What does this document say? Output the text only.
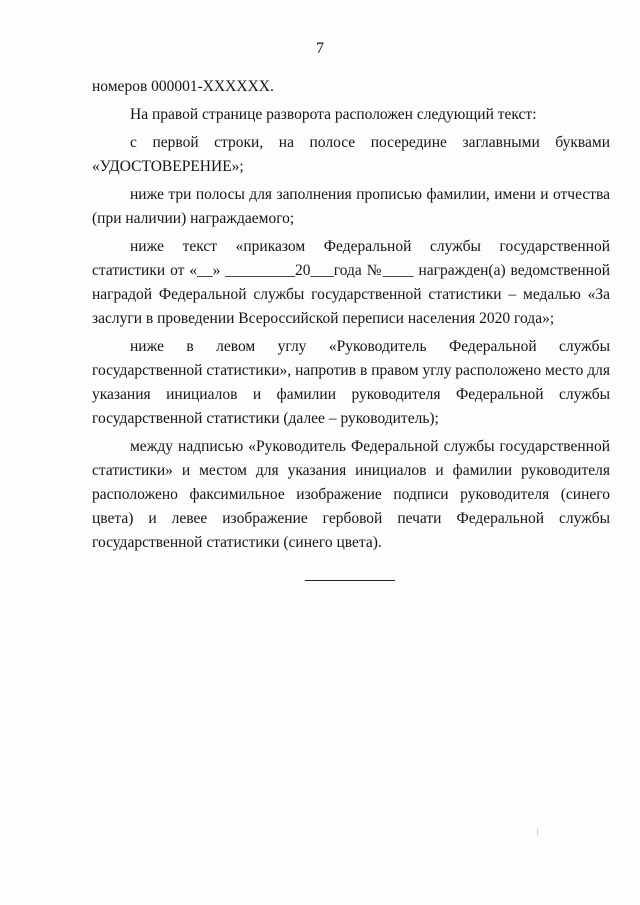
7

номеров 000001-XXXXXX.

На правой странице разворота расположен следующий текст:

с первой строки, на полосе посередине заглавными буквами «УДОСТОВЕРЕНИЕ»;

ниже три полосы для заполнения прописью фамилии, имени и отчества (при наличии) награждаемого;

ниже текст «приказом Федеральной службы государственной статистики от «__» _________20___года №____ награжден(а) ведомственной наградой Федеральной службы государственной статистики – медалью «За заслуги в проведении Всероссийской переписи населения 2020 года»;

ниже в левом углу «Руководитель Федеральной службы государственной статистики», напротив в правом углу расположено место для указания инициалов и фамилии руководителя Федеральной службы государственной статистики (далее – руководитель);

между надписью «Руководитель Федеральной службы государственной статистики» и местом для указания инициалов и фамилии руководителя расположено факсимильное изображение подписи руководителя (синего цвета) и левее изображение гербовой печати Федеральной службы государственной статистики (синего цвета).
